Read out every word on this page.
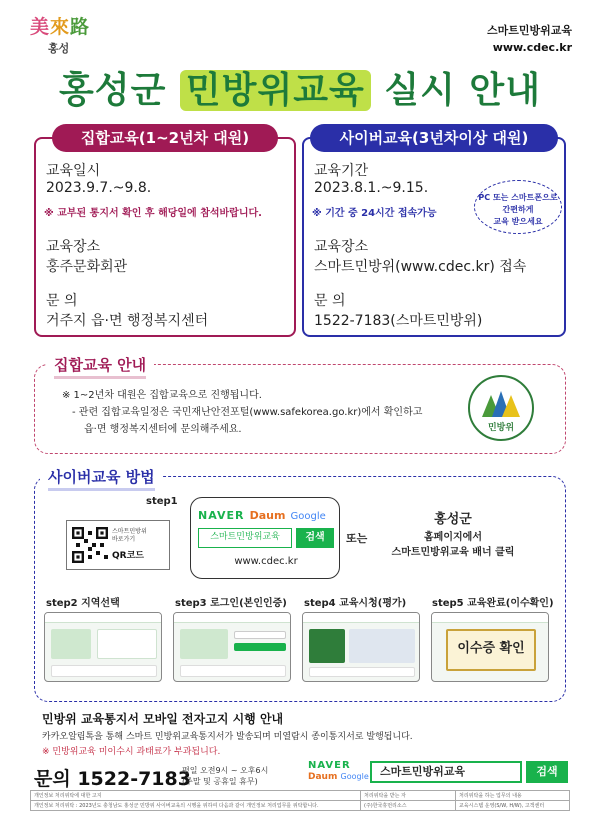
美來路
홍성
스마트민방위교육
www.cdec.kr
홍성군 민방위교육 실시 안내
집합교육(1~2년차 대원)
교육일시
2023.9.7.~9.8.
※ 교부된 통지서 확인 후 해당일에 참석바랍니다.
교육장소
홍주문화회관
문 의
거주지 읍·면 행정복지센터
사이버교육(3년차이상 대원)
교육기간
2023.8.1.~9.15.
※ 기간 중 24시간 접속가능
PC 또는 스마트폰으로
간편하게
교육 받으세요
교육장소
스마트민방위(www.cdec.kr) 접속
문 의
1522-7183(스마트민방위)
집합교육 안내
※ 1~2년차 대원은 집합교육으로 진행됩니다.
- 관련 집합교육일정은 국민재난안전포털(www.safekorea.go.kr)에서 확인하고
읍·면 행정복지센터에 문의해주세요.	민방위
사이버교육 방법
step1
스마트민방위
바로가기
QR코드
NAVER Daum Google
스마트민방위교육	검색
www.cdec.kr
또는
홍성군
홈페이지에서
스마트민방위교육 배너 클릭
step2 지역선택	step3 로그인(본인인증) step4 교육시청(평가)	step5 교육완료(이수확인)
이수증 확인
민방위 교육통지서 모바일 전자고지 시행 안내
카카오알림톡을 통해 스마트 민방위교육통지서가 발송되며 미열람시 종이통지서로 발행됩니다.
※ 민방위교육 미이수시 과태료가 부과됩니다.
문의 1522-7183
평일 오전9시 ~ 오후6시
(주말 및 공휴일 휴무)
NAVER
Daum Google	스마트민방위교육	검색
개인정보 처리위탁에 대한 고지	처리위탁을 받는 자	처리위탁을 하는 업무의 내용
개인정보 처리위탁 : 2023년도 충청남도 홍성군 민방위 사이버교육의 시행을 위하여 다음과 같이 개인정보 처리업무를 위탁합니다.	(주)한국휴먼리소스	교육시스템 운영(S/W, H/W), 고객센터
